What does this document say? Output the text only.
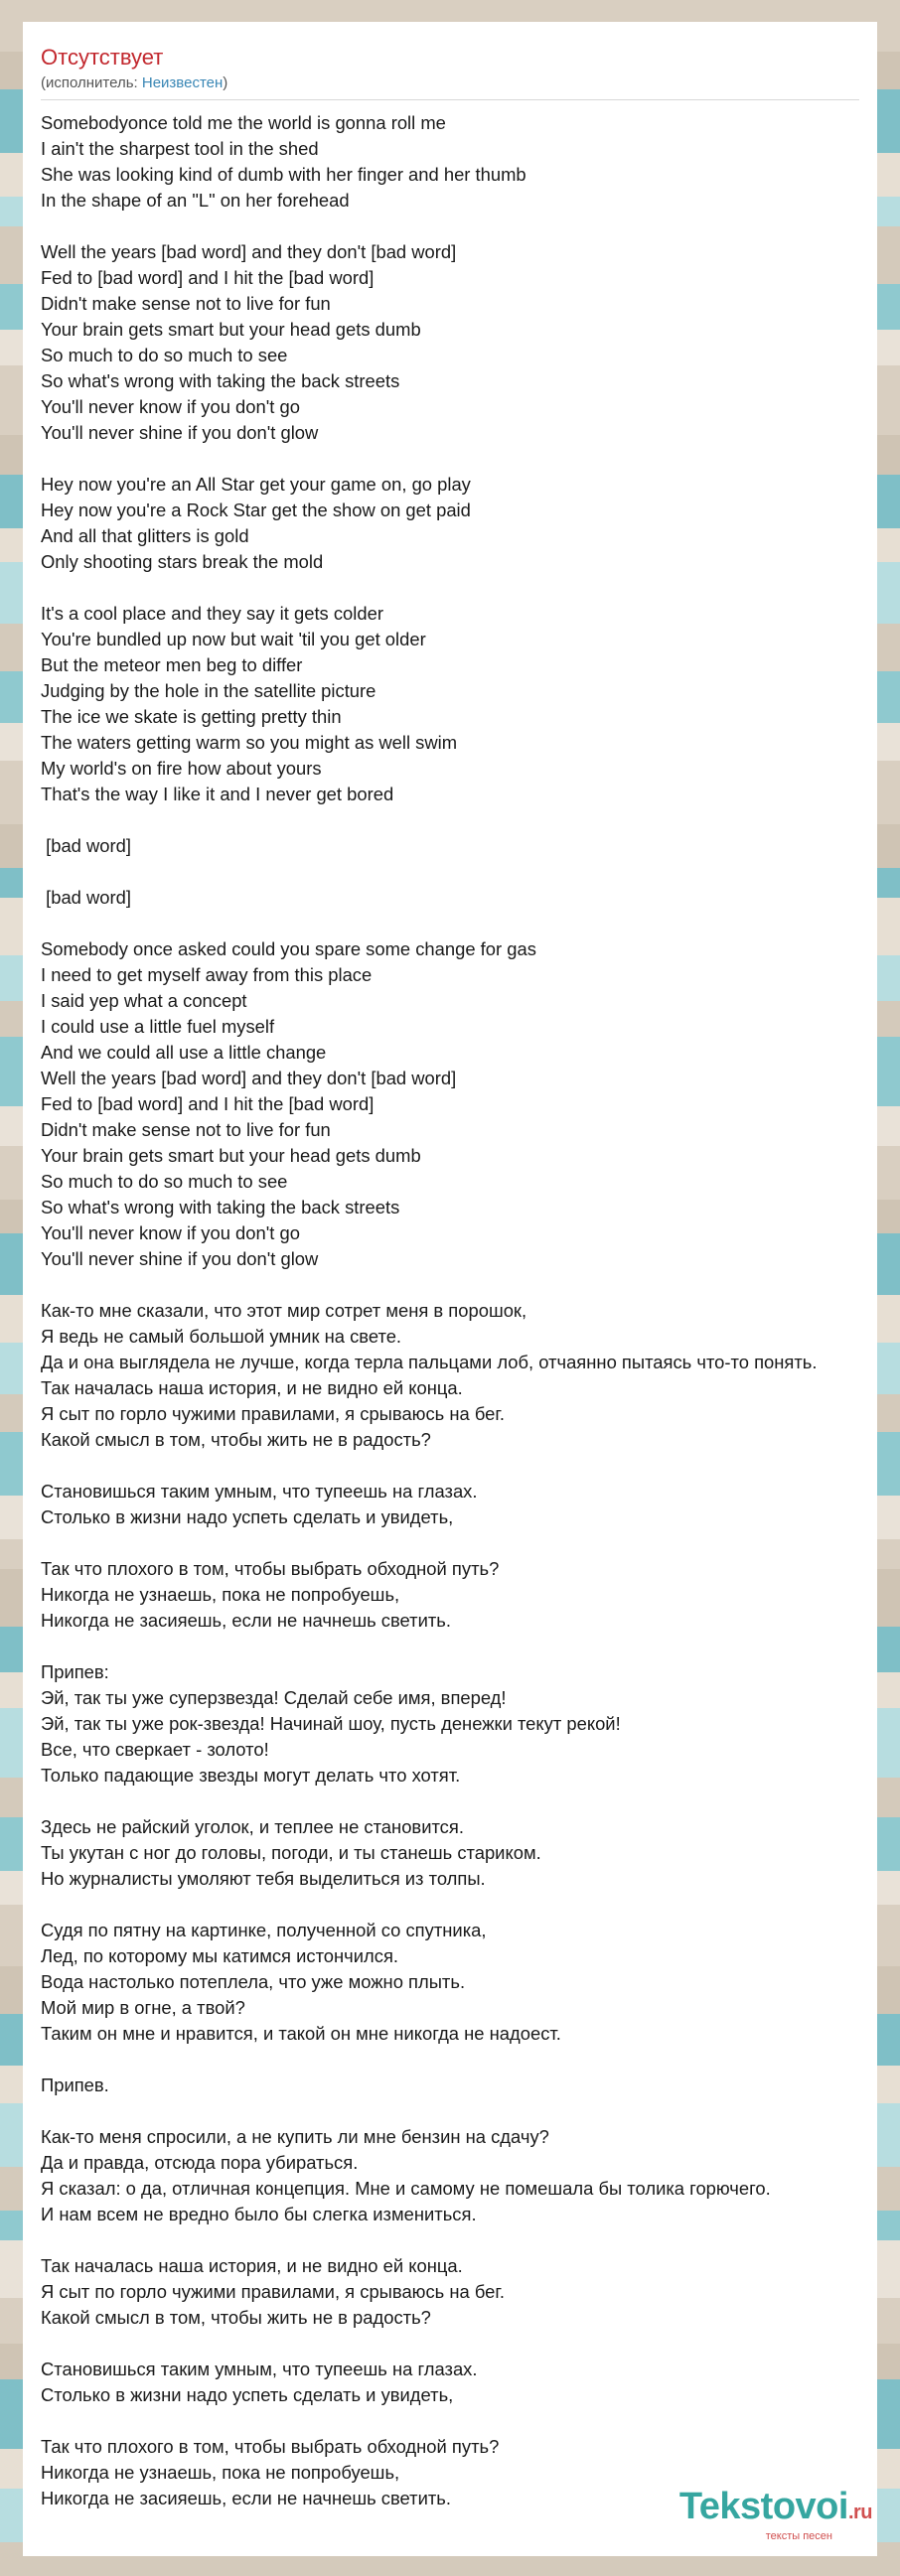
Отсутствует
(исполнитель: Неизвестен)
Somebodyonce told me the world is gonna roll me
I ain't the sharpest tool in the shed
She was looking kind of dumb with her finger and her thumb
In the shape of an "L" on her forehead
Well the years [bad word] and they don't [bad word]
Fed to [bad word] and I hit the [bad word]
Didn't make sense not to live for fun
Your brain gets smart but your head gets dumb
So much to do so much to see
So what's wrong with taking the back streets
You'll never know if you don't go
You'll never shine if you don't glow
Hey now you're an All Star get your game on, go play
Hey now you're a Rock Star get the show on get paid
And all that glitters is gold
Only shooting stars break the mold
It's a cool place and they say it gets colder
You're bundled up now but wait 'til you get older
But the meteor men beg to differ
Judging by the hole in the satellite picture
The ice we skate is getting pretty thin
The waters getting warm so you might as well swim
My world's on fire how about yours
That's the way I like it and I never get bored
[bad word]
[bad word]
Somebody once asked could you spare some change for gas
I need to get myself away from this place
I said yep what a concept
I could use a little fuel myself
And we could all use a little change
Well the years [bad word] and they don't [bad word]
Fed to [bad word] and I hit the [bad word]
Didn't make sense not to live for fun
Your brain gets smart but your head gets dumb
So much to do so much to see
So what's wrong with taking the back streets
You'll never know if you don't go
You'll never shine if you don't glow
Как-то мне сказали, что этот мир сотрет меня в порошок,
Я ведь не самый большой умник на свете.
Да и она выглядела не лучше, когда терла пальцами лоб, отчаянно пытаясь что-то понять.
Так началась наша история, и не видно ей конца.
Я сыт по горло чужими правилами, я срываюсь на бег.
Какой смысл в том, чтобы жить не в радость?
Становишься таким умным, что тупеешь на глазах.
Столько в жизни надо успеть сделать и увидеть,
Так что плохого в том, чтобы выбрать обходной путь?
Никогда не узнаешь, пока не попробуешь,
Никогда не засияешь, если не начнешь светить.
Припев:
Эй, так ты уже суперзвезда! Сделай себе имя, вперед!
Эй, так ты уже рок-звезда! Начинай шоу, пусть денежки текут рекой!
Все, что сверкает - золото!
Только падающие звезды могут делать что хотят.
Здесь не райский уголок, и теплее не становится.
Ты укутан с ног до головы, погоди, и ты станешь стариком.
Но журналисты умоляют тебя выделиться из толпы.
Судя по пятну на картинке, полученной со спутника,
Лед, по которому мы катимся истончился.
Вода настолько потеплела, что уже можно плыть.
Мой мир в огне, а твой?
Таким он мне и нравится, и такой он мне никогда не надоест.
Припев.
Как-то меня спросили, а не купить ли мне бензин на сдачу?
Да и правда, отсюда пора убираться.
Я сказал: о да, отличная концепция. Мне и самому не помешала бы толика горючего.
И нам всем не вредно было бы слегка измениться.
Так началась наша история, и не видно ей конца.
Я сыт по горло чужими правилами, я срываюсь на бег.
Какой смысл в том, чтобы жить не в радость?
Становишься таким умным, что тупеешь на глазах.
Столько в жизни надо успеть сделать и увидеть,
Так что плохого в том, чтобы выбрать обходной путь?
Никогда не узнаешь, пока не попробуешь,
Никогда не засияешь, если не начнешь светить.	Tekstovoi.ru
тексты песен
